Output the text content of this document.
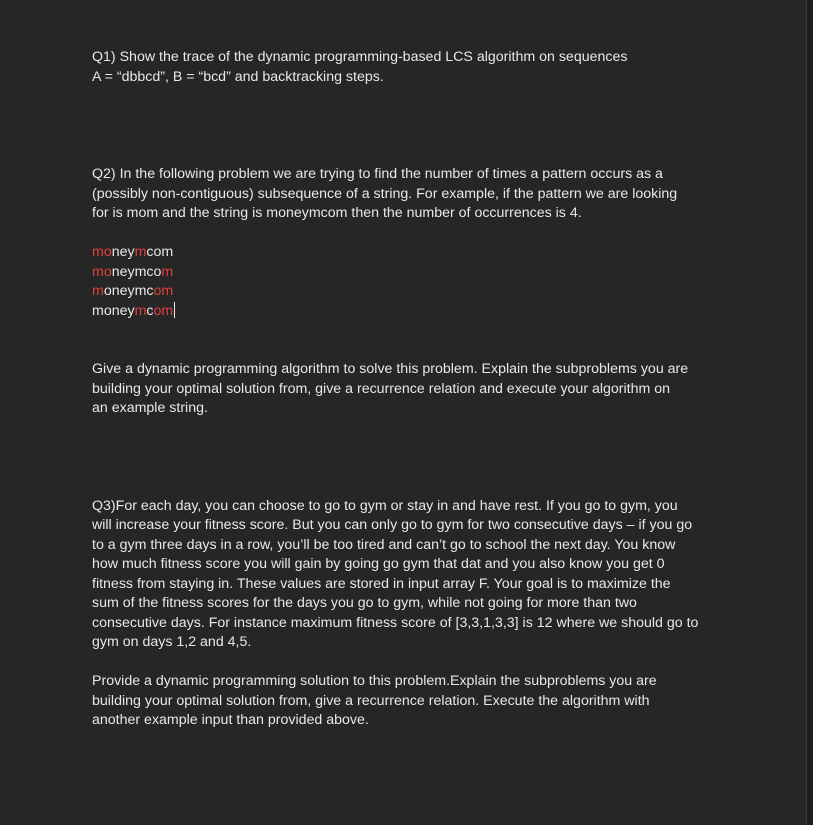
Q1) Show the trace of the dynamic programming-based LCS algorithm on sequences

A = “dbbcd”, B = “bcd” and backtracking steps.

Q2) In the following problem we are trying to find the number of times a pattern occurs as a

(possibly non-contiguous) subsequence of a string. For example, if the pattern we are looking

for is mom and the string is moneymcom then the number of occurrences is 4.

moneymcom
moneymcom
moneymcom
moneymcom

Give a dynamic programming algorithm to solve this problem. Explain the subproblems you are

building your optimal solution from, give a recurrence relation and execute your algorithm on

an example string.

Q3)For each day, you can choose to go to gym or stay in and have rest. If you go to gym, you

will increase your fitness score. But you can only go to gym for two consecutive days – if you go

to a gym three days in a row, you’ll be too tired and can’t go to school the next day. You know

how much fitness score you will gain by going go gym that dat and you also know you get 0

fitness from staying in. These values are stored in input array F. Your goal is to maximize the

sum of the fitness scores for the days you go to gym, while not going for more than two

consecutive days. For instance maximum fitness score of [3,3,1,3,3] is 12 where we should go to

gym on days 1,2 and 4,5.

Provide a dynamic programming solution to this problem.Explain the subproblems you are

building your optimal solution from, give a recurrence relation. Execute the algorithm with

another example input than provided above.
